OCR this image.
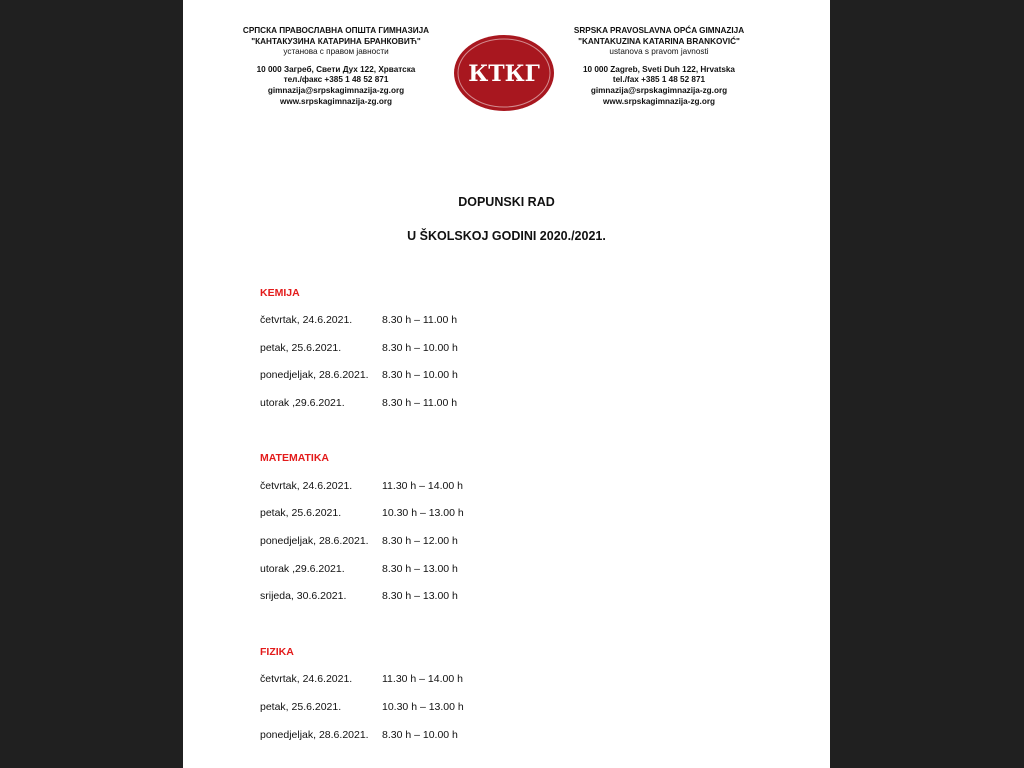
СРПСКА ПРАВОСЛАВНА ОПШТА ГИМНАЗИЈА
"КАНТАКУЗИНА КАТАРИНА БРАНКОВИЋ"
установа с правом јавности
10 000 Загреб, Свети Дух 122, Хрватска
тел./факс +385 1 48 52 871
gimnazija@srpskagimnazija-zg.org
www.srpskagimnazija-zg.org
КТКГ
SRPSKA PRAVOSLAVNA OPĆA GIMNAZIJA
"KANTAKUZINA KATARINA BRANKOVIĆ"
ustanova s pravom javnosti
10 000 Zagreb, Sveti Duh 122, Hrvatska
tel./fax +385 1 48 52 871
gimnazija@srpskagimnazija-zg.org
www.srpskagimnazija-zg.org
DOPUNSKI RAD
U ŠKOLSKOJ GODINI 2020./2021.
KEMIJA
četvrtak, 24.6.2021.	8.30 h – 11.00 h
petak, 25.6.2021.	8.30 h – 10.00 h
ponedjeljak, 28.6.2021. 8.30 h – 10.00 h
utorak ,29.6.2021.	8.30 h – 11.00 h
MATEMATIKA
četvrtak, 24.6.2021.	11.30 h – 14.00 h
petak, 25.6.2021.	10.30 h – 13.00 h
ponedjeljak, 28.6.2021. 8.30 h – 12.00 h
utorak ,29.6.2021.	8.30 h – 13.00 h
srijeda, 30.6.2021.	8.30 h – 13.00 h
FIZIKA
četvrtak, 24.6.2021.	11.30 h – 14.00 h
petak, 25.6.2021.	10.30 h – 13.00 h
ponedjeljak, 28.6.2021. 8.30 h – 10.00 h
